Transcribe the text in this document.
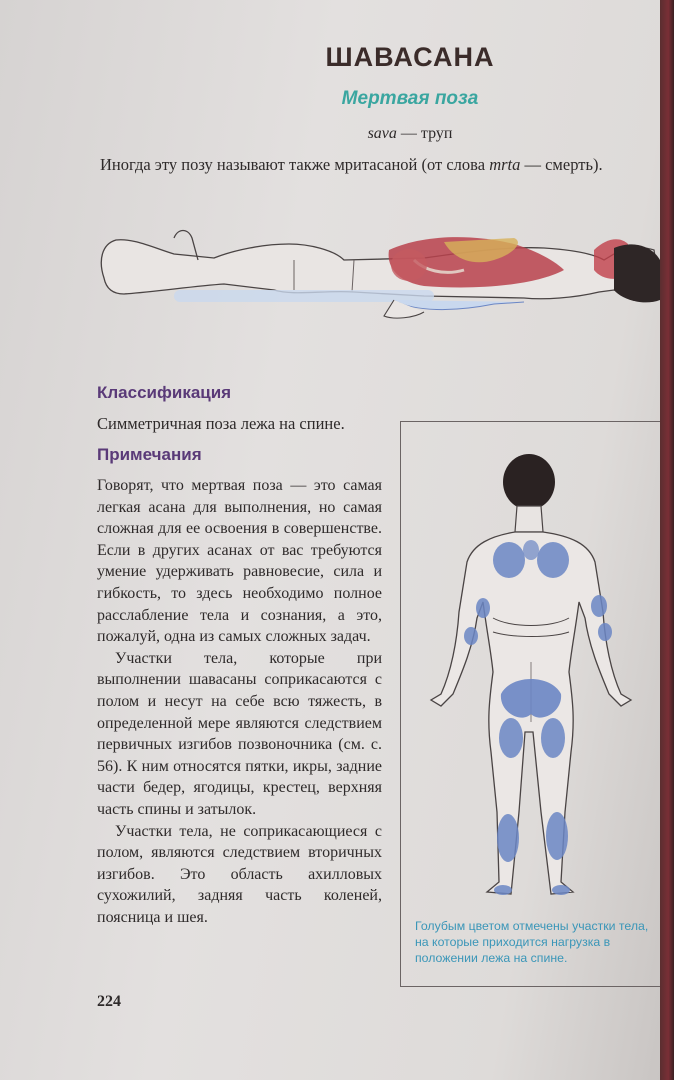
ШАВАСАНА
Мертвая поза
sava — труп
Иногда эту позу называют также мритасаной (от слова mrta — смерть).
Классификация
Симметричная поза лежа на спине.
Примечания

Говорят, что мертвая поза — это самая легкая асана для выполнения, но самая сложная для ее освоения в совершенстве. Если в других асанах от вас требуются умение удерживать равновесие, сила и гибкость, то здесь необходимо полное расслабление тела и сознания, а это, пожалуй, одна из самых сложных задач.

Участки тела, которые при выполнении шавасаны соприкасаются с полом и несут на себе всю тяжесть, в определенной мере являются следствием первичных изгибов позвоночника (см. с. 56). К ним относятся пятки, икры, задние части бедер, ягодицы, крестец, верхняя часть спины и затылок.

Участки тела, не соприкасающиеся с полом, являются следствием вторичных изгибов. Это область ахилловых сухожилий, задняя часть коленей, поясница и шея.

Голубым цветом отмечены участки тела, на которые приходится нагрузка в положении лежа на спине.
224
